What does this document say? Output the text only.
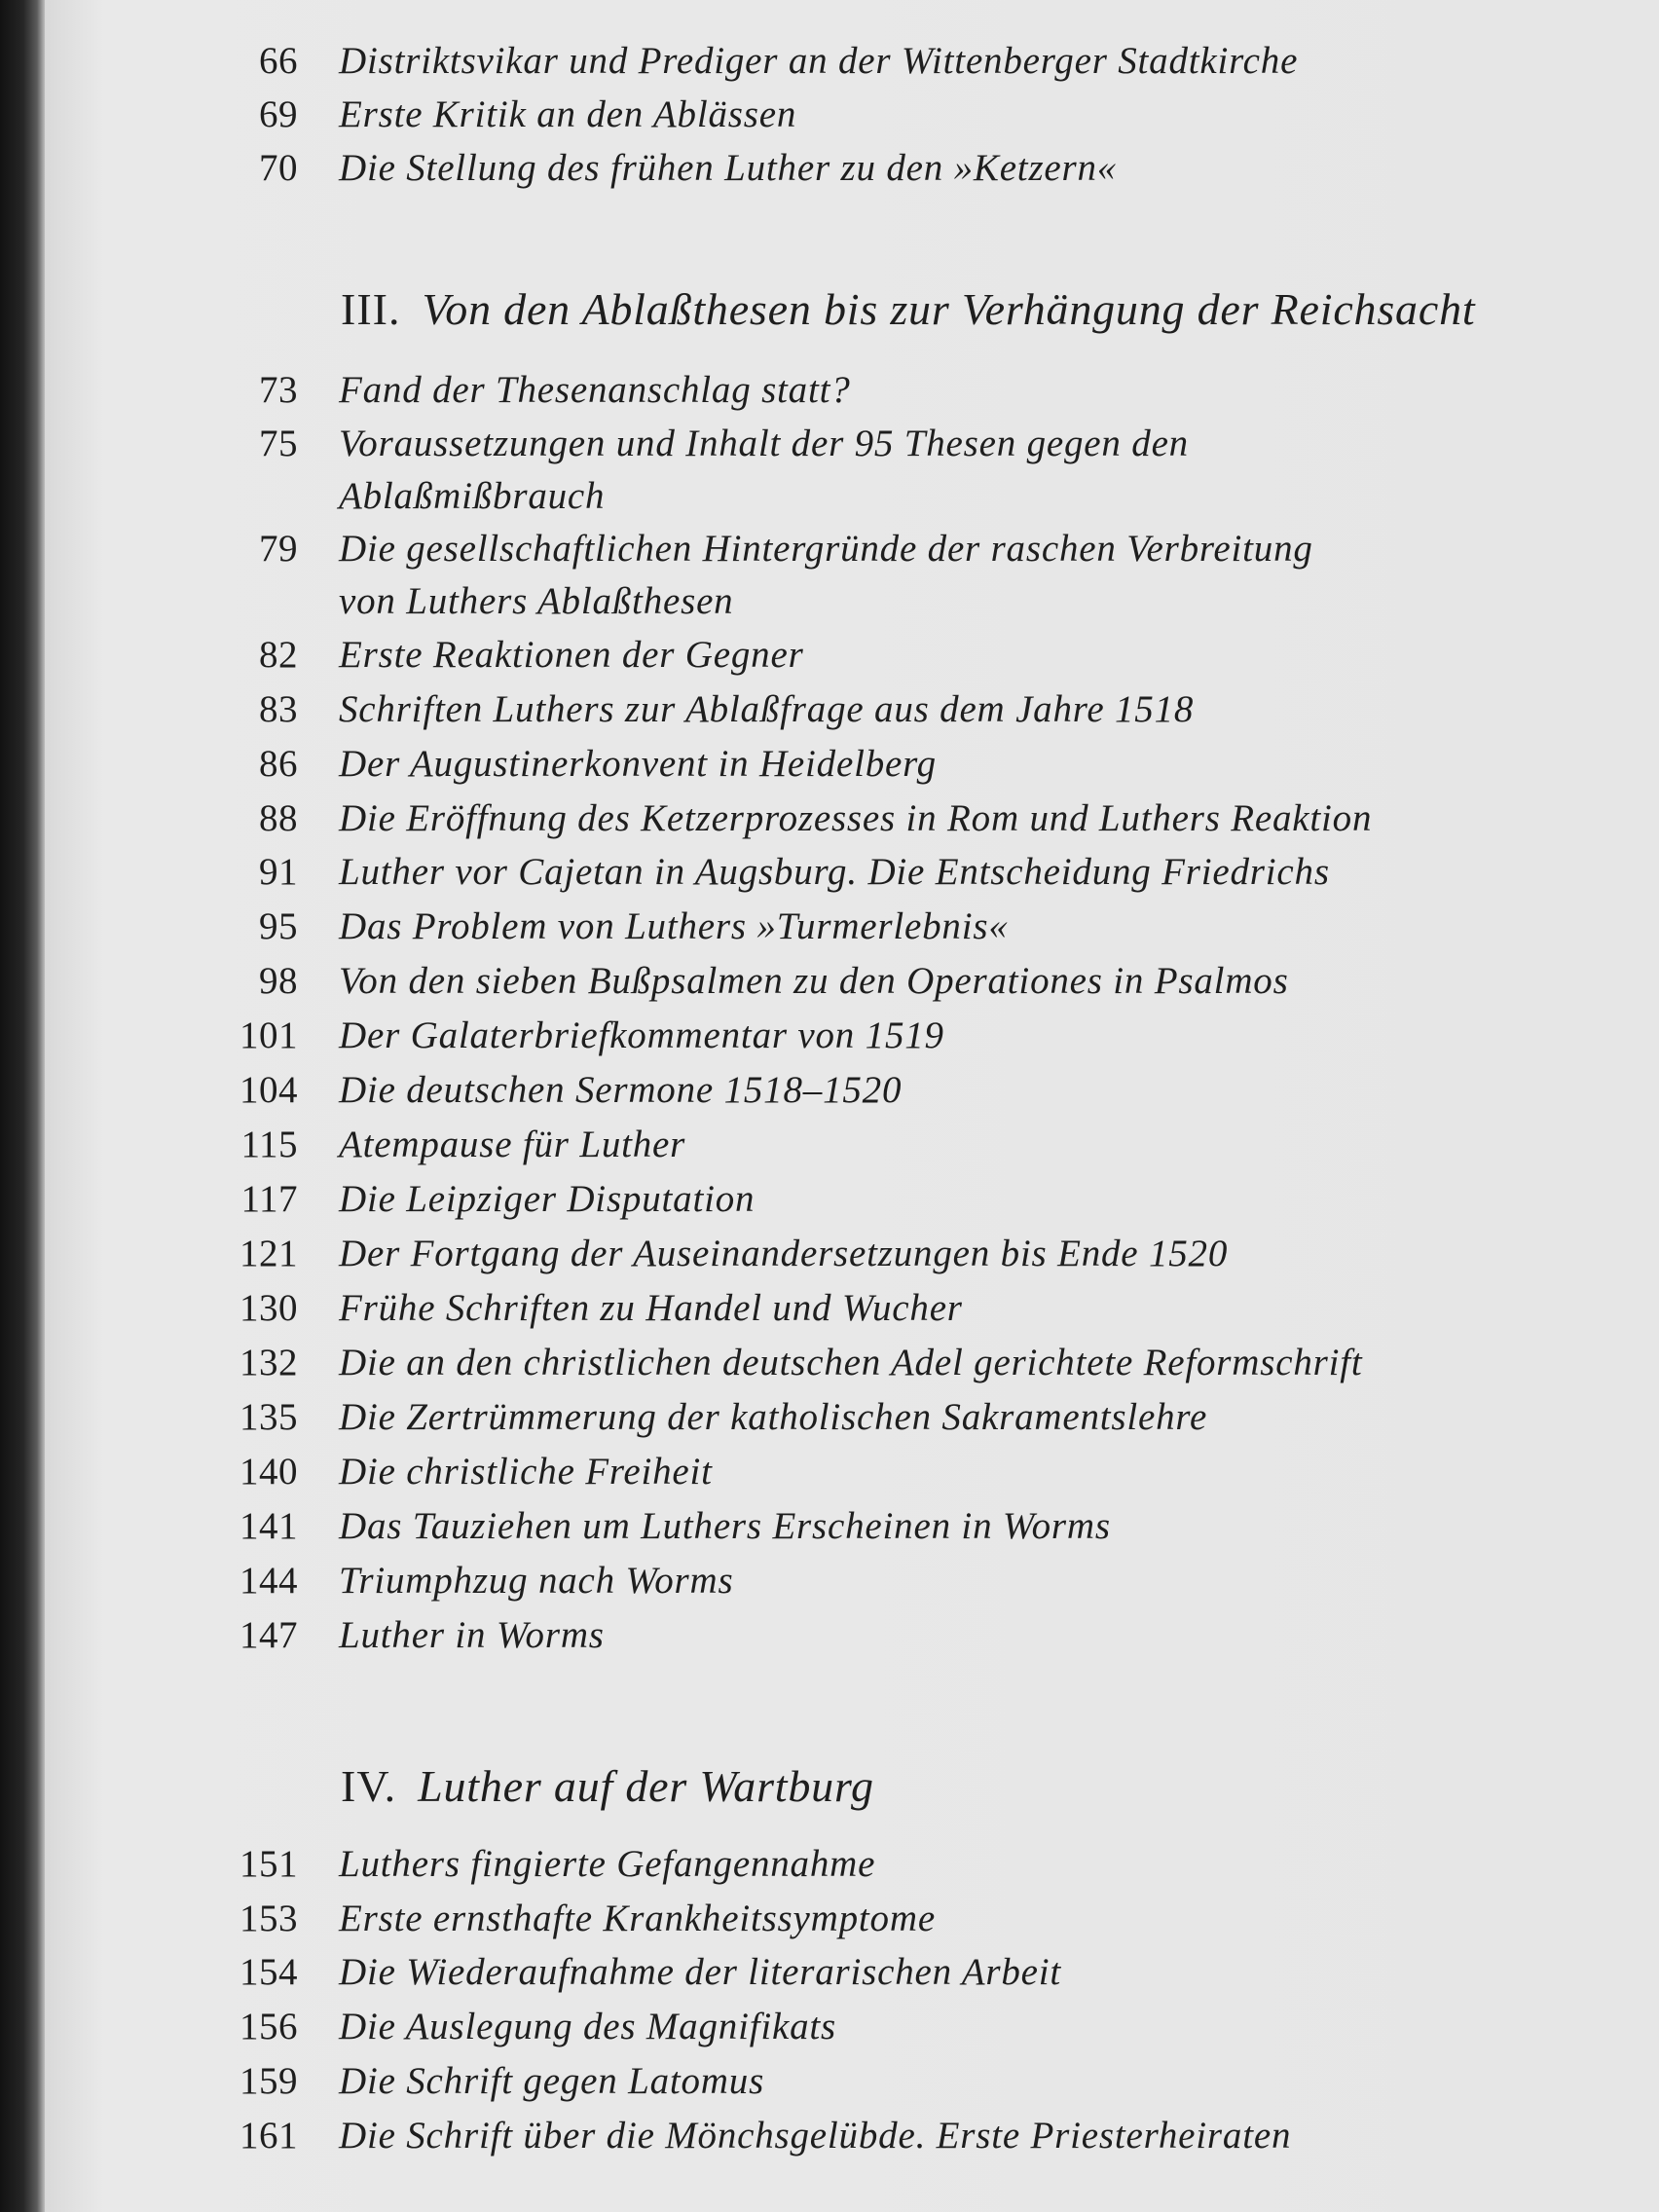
66 Distriktsvikar und Prediger an der Wittenberger Stadtkirche
69 Erste Kritik an den Ablässen
70 Die Stellung des frühen Luther zu den »Ketzern«
III. Von den Ablaßthesen bis zur Verhängung der Reichsacht
73 Fand der Thesenanschlag statt?
75 Voraussetzungen und Inhalt der 95 Thesen gegen den
Ablaßmißbrauch
79 Die gesellschaftlichen Hintergründe der raschen Verbreitung
von Luthers Ablaßthesen
82 Erste Reaktionen der Gegner
83 Schriften Luthers zur Ablaßfrage aus dem Jahre 1518
86 Der Augustinerkonvent in Heidelberg
88 Die Eröffnung des Ketzerprozesses in Rom und Luthers Reaktion
91 Luther vor Cajetan in Augsburg. Die Entscheidung Friedrichs
95 Das Problem von Luthers »Turmerlebnis«
98 Von den sieben Bußpsalmen zu den Operationes in Psalmos
101 Der Galaterbriefkommentar von 1519
104 Die deutschen Sermone 1518–1520
115 Atempause für Luther
117 Die Leipziger Disputation
121 Der Fortgang der Auseinandersetzungen bis Ende 1520
130 Frühe Schriften zu Handel und Wucher
132 Die an den christlichen deutschen Adel gerichtete Reformschrift
135 Die Zertrümmerung der katholischen Sakramentslehre
140 Die christliche Freiheit
141 Das Tauziehen um Luthers Erscheinen in Worms
144 Triumphzug nach Worms
147 Luther in Worms
IV. Luther auf der Wartburg
151 Luthers fingierte Gefangennahme
153 Erste ernsthafte Krankheitssymptome
154 Die Wiederaufnahme der literarischen Arbeit
156 Die Auslegung des Magnifikats
159 Die Schrift gegen Latomus
161 Die Schrift über die Mönchsgelübde. Erste Priesterheiraten
